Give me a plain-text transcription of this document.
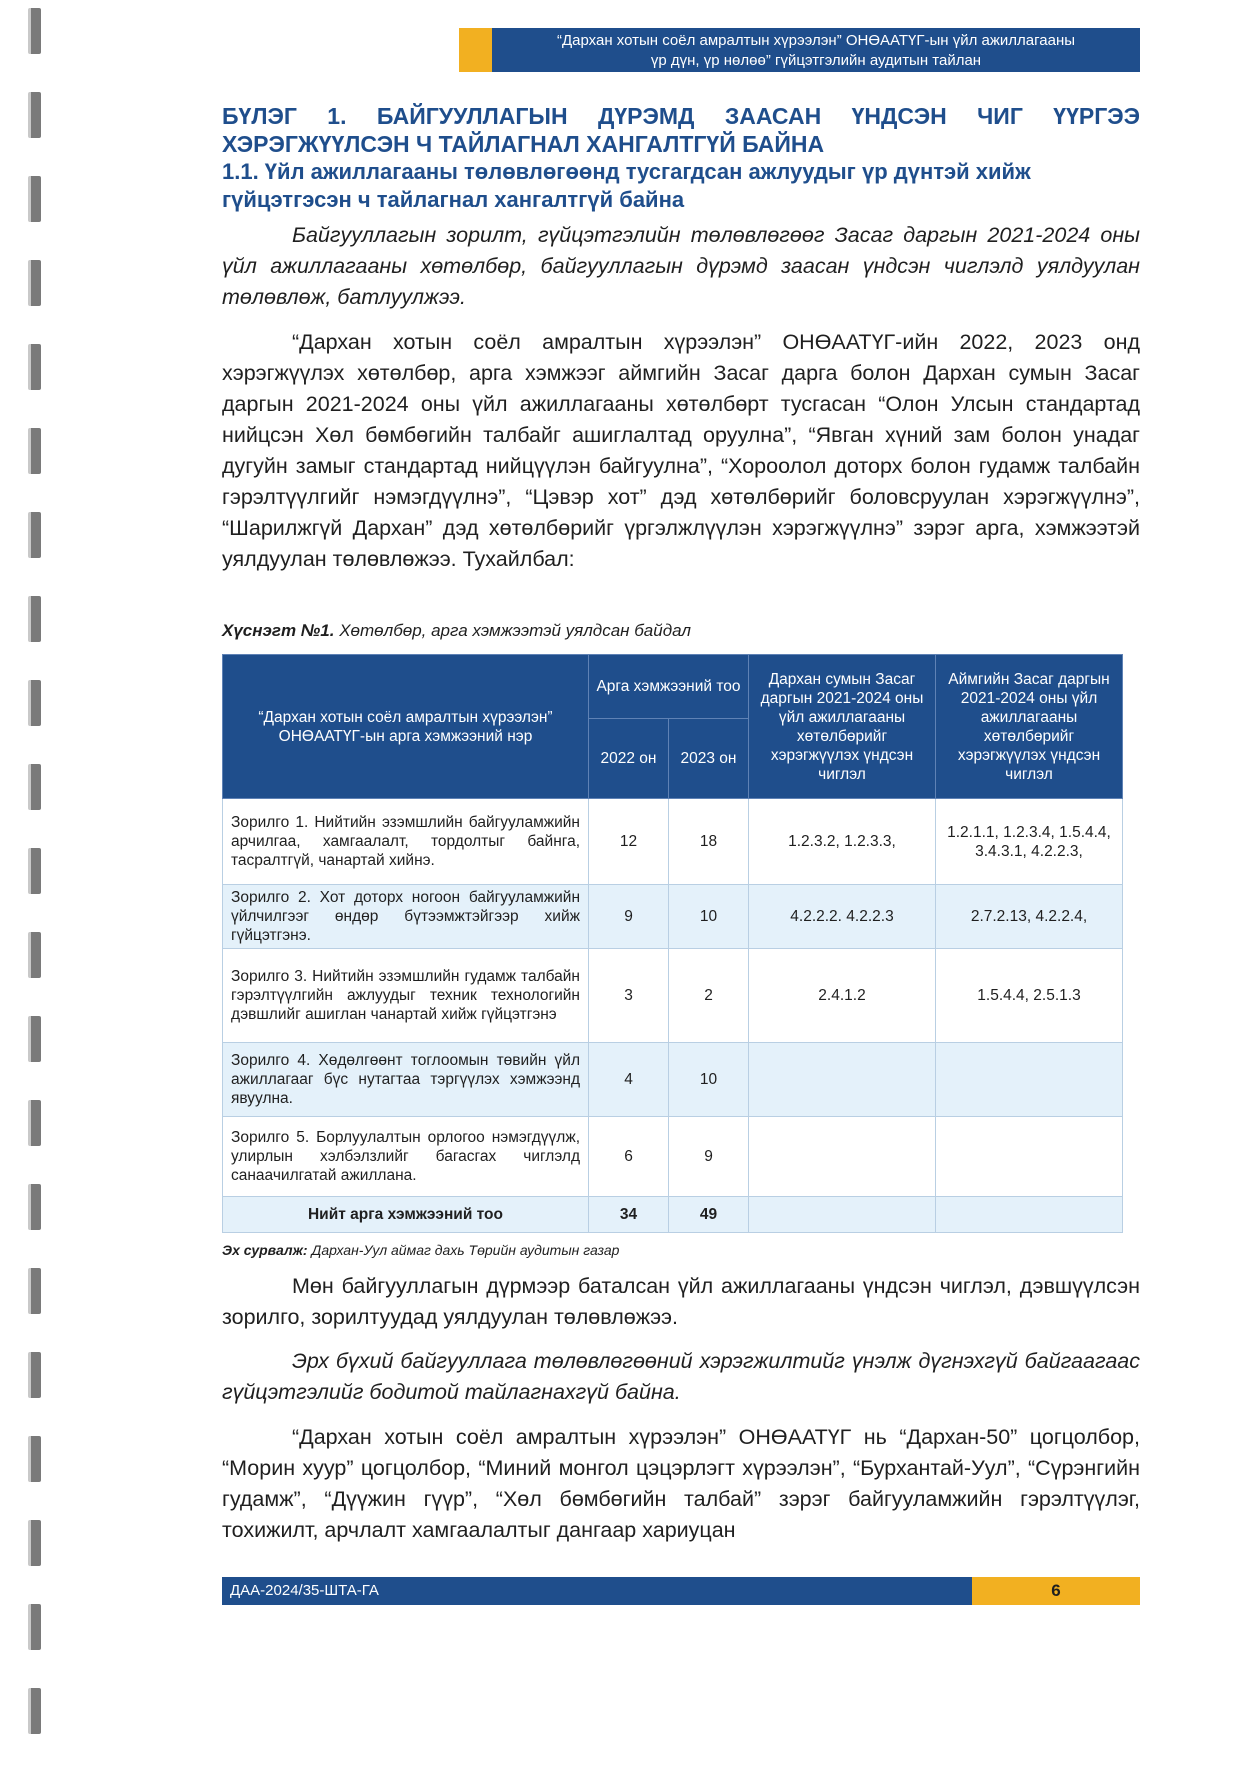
“Дархан хотын соёл амралтын хүрээлэн” ОНӨААТҮГ-ын үйл ажиллагааны
үр дүн, үр нөлөө” гүйцэтгэлийн аудитын тайлан
БҮЛЭГ 1. БАЙГУУЛЛАГЫН ДҮРЭМД ЗААСАН ҮНДСЭН ЧИГ ҮҮРГЭЭ ХЭРЭГЖҮҮЛСЭН Ч ТАЙЛАГНАЛ ХАНГАЛТГҮЙ БАЙНА
1.1. Үйл ажиллагааны төлөвлөгөөнд тусгагдсан ажлуудыг үр дүнтэй хийж гүйцэтгэсэн ч тайлагнал хангалтгүй байна

Байгууллагын зорилт, гүйцэтгэлийн төлөвлөгөөг Засаг даргын 2021-2024 оны үйл ажиллагааны хөтөлбөр, байгууллагын дүрэмд заасан үндсэн чиглэлд уялдуулан төлөвлөж, батлуулжээ.

“Дархан хотын соёл амралтын хүрээлэн” ОНӨААТҮГ-ийн 2022, 2023 онд хэрэгжүүлэх хөтөлбөр, арга хэмжээг аймгийн Засаг дарга болон Дархан сумын Засаг даргын 2021-2024 оны үйл ажиллагааны хөтөлбөрт тусгасан “Олон Улсын стандартад нийцсэн Хөл бөмбөгийн талбайг ашиглалтад оруулна”, “Явган хүний зам болон унадаг дугуйн замыг стандартад нийцүүлэн байгуулна”, “Хороолол доторх болон гудамж талбайн гэрэлтүүлгийг нэмэгдүүлнэ”, “Цэвэр хот” дэд хөтөлбөрийг боловсруулан хэрэгжүүлнэ”, “Шарилжгүй Дархан” дэд хөтөлбөрийг үргэлжлүүлэн хэрэгжүүлнэ” зэрэг арга, хэмжээтэй уялдуулан төлөвлөжээ. Тухайлбал:

Хүснэгт №1. Хөтөлбөр, арга хэмжээтэй уялдсан байдал

“Дархан хотын соёл амралтын хүрээлэн” ОНӨААТҮГ-ын арга хэмжээний нэр	Арга хэмжээний тоо		Дархан сумын Засаг даргын 2021-2024 оны үйл ажиллагааны хөтөлбөрийг хэрэгжүүлэх үндсэн чиглэл	Аймгийн Засаг даргын 2021-2024 оны үйл ажиллагааны хөтөлбөрийг хэрэгжүүлэх үндсэн чиглэл
	2022 он	2023 он		
Зорилго 1. Нийтийн эзэмшлийн байгууламжийн арчилгаа, хамгаалалт, тордолтыг байнга, тасралтгүй, чанартай хийнэ.	12	18	1.2.3.2, 1.2.3.3,	1.2.1.1, 1.2.3.4, 1.5.4.4, 3.4.3.1, 4.2.2.3,
Зорилго 2. Хот доторх ногоон байгууламжийн үйлчилгээг өндөр бүтээмжтэйгээр хийж гүйцэтгэнэ.	9	10	4.2.2.2. 4.2.2.3	2.7.2.13, 4.2.2.4,
Зорилго 3. Нийтийн эзэмшлийн гудамж талбайн гэрэлтүүлгийн ажлуудыг техник технологийн дэвшлийг ашиглан чанартай хийж гүйцэтгэнэ	3	2	2.4.1.2	1.5.4.4, 2.5.1.3
Зорилго 4. Хөдөлгөөнт тоглоомын төвийн үйл ажиллагааг бүс нутагтаа тэргүүлэх хэмжээнд явуулна.	4	10		
Зорилго 5. Борлуулалтын орлогоо нэмэгдүүлж, улирлын хэлбэлзлийг багасгах чиглэлд санаачилгатай ажиллана.	6	9		
Нийт арга хэмжээний тоо	34	49		

Эх сурвалж: Дархан-Уул аймаг дахь Төрийн аудитын газар

Мөн байгууллагын дүрмээр баталсан үйл ажиллагааны үндсэн чиглэл, дэвшүүлсэн зорилго, зорилтуудад уялдуулан төлөвлөжээ.

Эрх бүхий байгууллага төлөвлөгөөний хэрэгжилтийг үнэлж дүгнэхгүй байгаагаас гүйцэтгэлийг бодитой тайлагнахгүй байна.

“Дархан хотын соёл амралтын хүрээлэн” ОНӨААТҮГ нь “Дархан-50” цогцолбор, “Морин хуур” цогцолбор, “Миний монгол цэцэрлэгт хүрээлэн”, “Бурхантай-Уул”, “Сүрэнгийн гудамж”, “Дүүжин гүүр”, “Хөл бөмбөгийн талбай” зэрэг байгууламжийн гэрэлтүүлэг, тохижилт, арчлалт хамгаалалтыг дангаар хариуцан

ДАА-2024/35-ШТА-ГА	6
